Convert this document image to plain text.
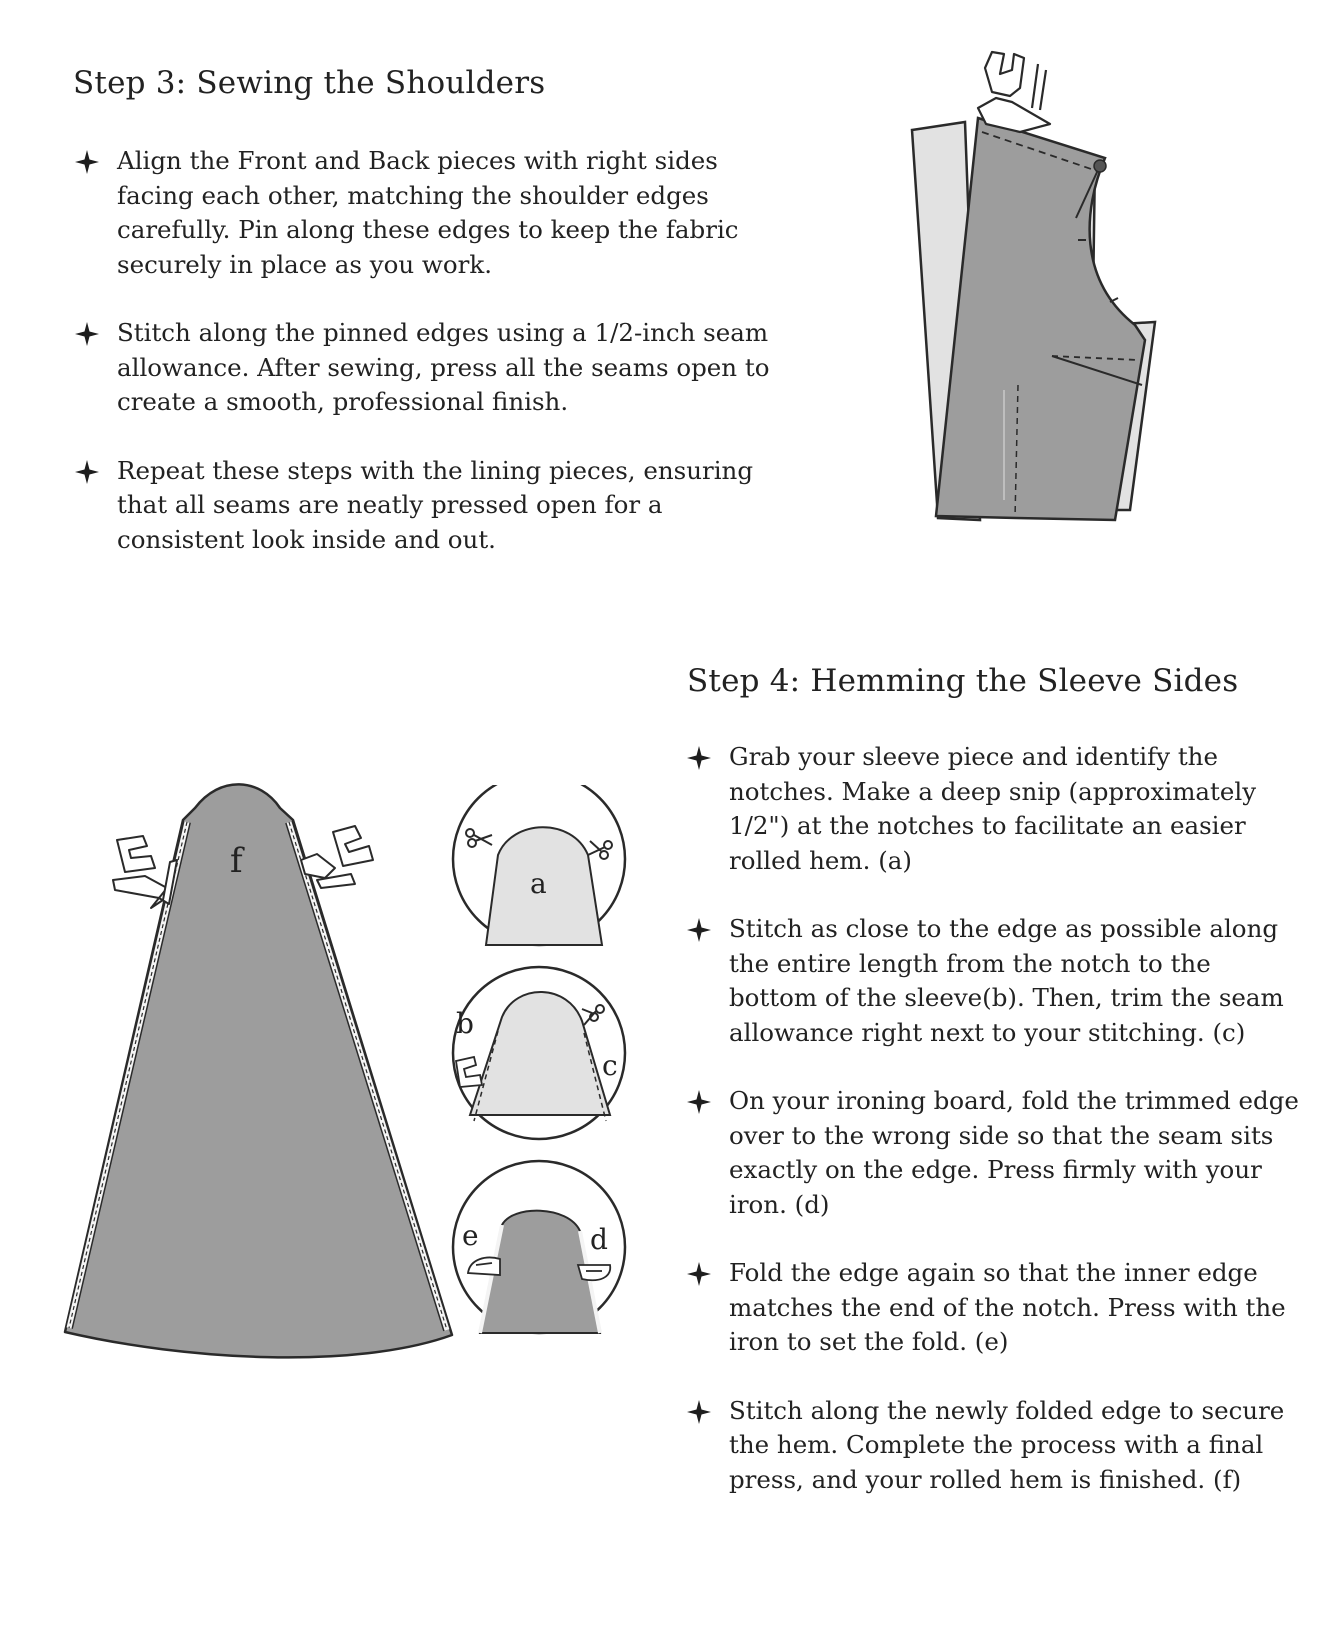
Step 3: Sewing the Shoulders
Align the Front and Back pieces with right sides facing each other, matching the shoulder edges carefully. Pin along these edges to keep the fabric securely in place as you work.
Stitch along the pinned edges using a 1/2-inch seam allowance. After sewing, press all the seams open to create a smooth, professional finish.
Repeat these steps with the lining pieces, ensuring that all seams are neatly pressed open for a consistent look inside and out.
Step 4: Hemming the Sleeve Sides
Grab your sleeve piece and identify the notches. Make a deep snip (approximately 1/2") at the notches to facilitate an easier rolled hem. (a)
Stitch as close to the edge as possible along the entire length from the notch to the bottom of the sleeve(b). Then, trim the seam allowance right next to your stitching. (c)
On your ironing board, fold the trimmed edge over to the wrong side so that the seam sits exactly on the edge. Press firmly with your iron. (d)
Fold the edge again so that the inner edge matches the end of the notch. Press with the iron to set the fold. (e)
Stitch along the newly folded edge to secure the hem. Complete the process with a final press, and your rolled hem is finished. (f)
f
a
b
c
e	d
